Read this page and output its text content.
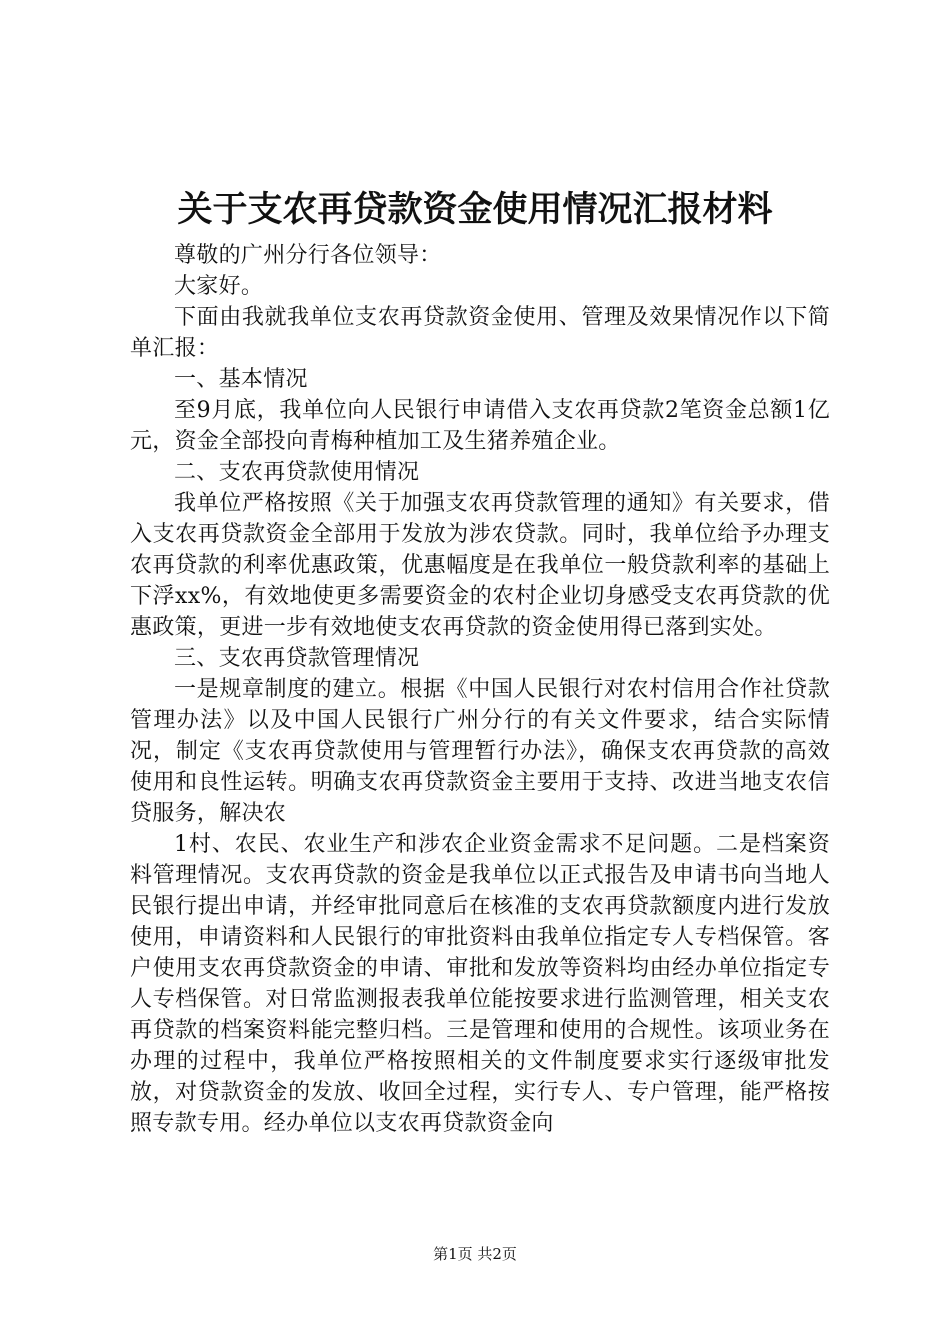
关于支农再贷款资金使用情况汇报材料

尊敬的广州分行各位领导：

大家好。

下面由我就我单位支农再贷款资金使用、管理及效果情况作以下简单汇报：

一、基本情况

至9月底，我单位向人民银行申请借入支农再贷款2笔资金总额1亿元，资金全部投向青梅种植加工及生猪养殖企业。

二、支农再贷款使用情况

我单位严格按照《关于加强支农再贷款管理的通知》有关要求，借入支农再贷款资金全部用于发放为涉农贷款。同时，我单位给予办理支农再贷款的利率优惠政策，优惠幅度是在我单位一般贷款利率的基础上下浮xx%，有效地使更多需要资金的农村企业切身感受支农再贷款的优惠政策，更进一步有效地使支农再贷款的资金使用得已落到实处。

三、支农再贷款管理情况

一是规章制度的建立。根据《中国人民银行对农村信用合作社贷款管理办法》以及中国人民银行广州分行的有关文件要求，结合实际情况，制定《支农再贷款使用与管理暂行办法》，确保支农再贷款的高效使用和良性运转。明确支农再贷款资金主要用于支持、改进当地支农信贷服务，解决农

1村、农民、农业生产和涉农企业资金需求不足问题。二是档案资料管理情况。支农再贷款的资金是我单位以正式报告及申请书向当地人民银行提出申请，并经审批同意后在核准的支农再贷款额度内进行发放使用，申请资料和人民银行的审批资料由我单位指定专人专档保管。客户使用支农再贷款资金的申请、审批和发放等资料均由经办单位指定专人专档保管。对日常监测报表我单位能按要求进行监测管理，相关支农再贷款的档案资料能完整归档。三是管理和使用的合规性。该项业务在办理的过程中，我单位严格按照相关的文件制度要求实行逐级审批发放，对贷款资金的发放、收回全过程，实行专人、专户管理，能严格按照专款专用。经办单位以支农再贷款资金向

第1页 共2页
